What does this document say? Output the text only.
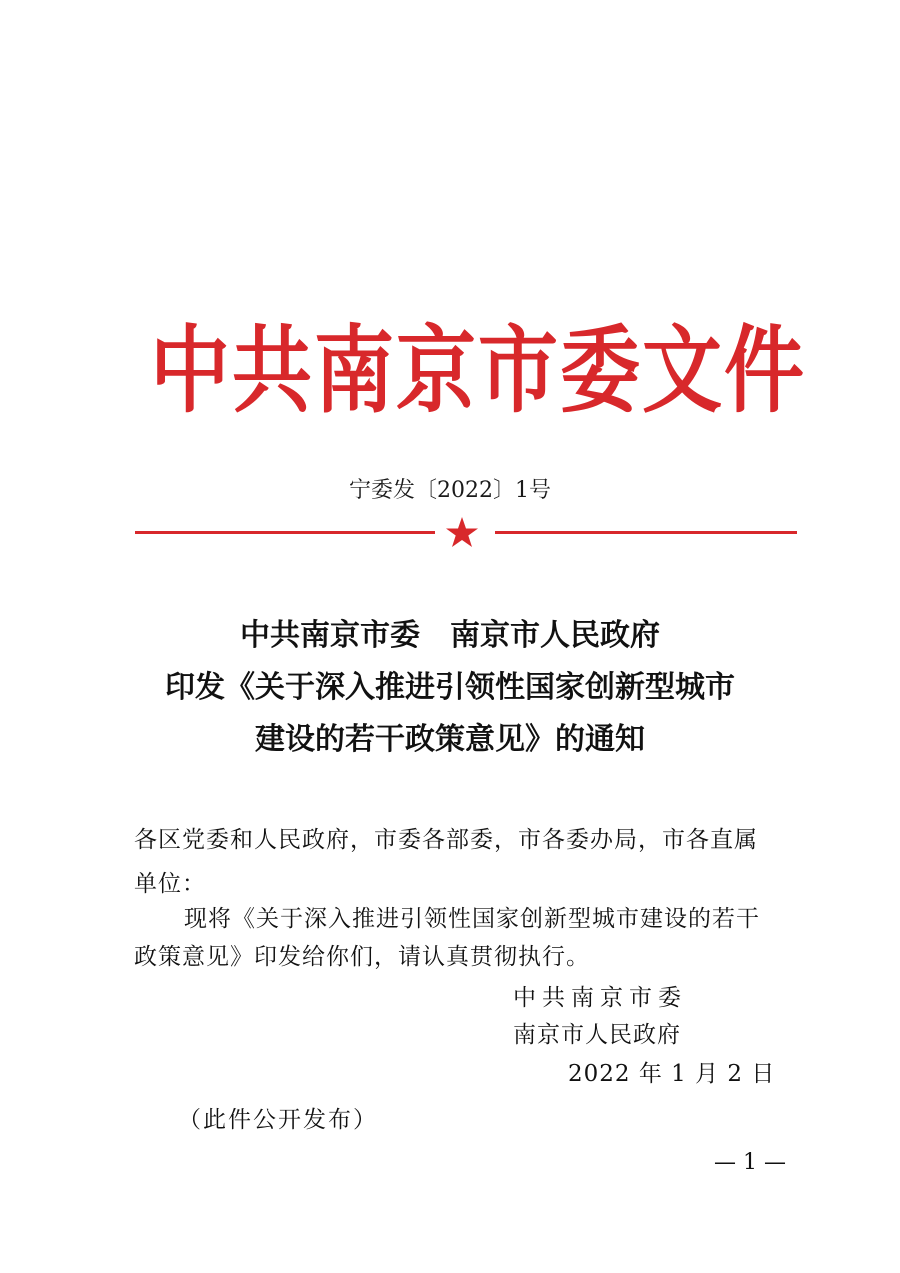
中共南京市委文件
宁委发〔2022〕1号
中共南京市委　南京市人民政府
印发《关于深入推进引领性国家创新型城市
建设的若干政策意见》的通知
各区党委和人民政府，市委各部委，市各委办局，市各直属
单位：
现将《关于深入推进引领性国家创新型城市建设的若干
政策意见》印发给你们，请认真贯彻执行。
中共南京市委
南京市人民政府
2022 年 1 月 2 日
（此件公开发布）
— 1 —
